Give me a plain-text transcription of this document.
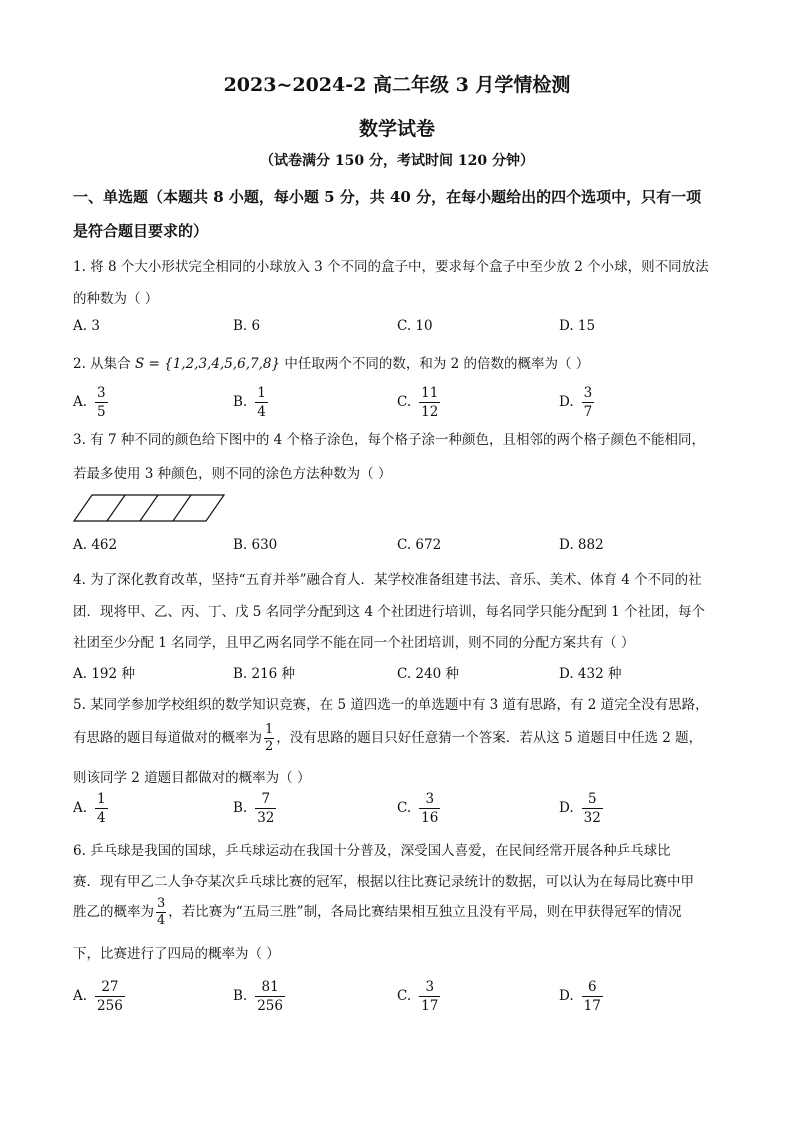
2023~2024-2 高二年级 3 月学情检测
数学试卷
（试卷满分 150 分，考试时间 120 分钟）
一、单选题（本题共 8 小题，每小题 5 分，共 40 分，在每小题给出的四个选项中，只有一项
是符合题目要求的）
1. 将 8 个大小形状完全相同的小球放入 3 个不同的盒子中，要求每个盒子中至少放 2 个小球，则不同放法
的种数为（ ）
A. 3	B. 6	C. 10	D. 15
2. 从集合 S = {1,2,3,4,5,6,7,8} 中任取两个不同的数，和为 2 的倍数的概率为（ ）
A. $\frac{3}{5}$	B. $\frac{1}{4}$	C. $\frac{11}{12}$	D. $\frac{3}{7}$
3. 有 7 种不同的颜色给下图中的 4 个格子涂色，每个格子涂一种颜色，且相邻的两个格子颜色不能相同，
若最多使用 3 种颜色，则不同的涂色方法种数为（ ）
A. 462	B. 630	C. 672	D. 882
4. 为了深化教育改革，坚持“五育并举”融合育人．某学校准备组建书法、音乐、美术、体育 4 个不同的社
团．现将甲、乙、丙、丁、戊 5 名同学分配到这 4 个社团进行培训，每名同学只能分配到 1 个社团，每个
社团至少分配 1 名同学，且甲乙两名同学不能在同一个社团培训，则不同的分配方案共有（ ）
A. 192 种	B. 216 种	C. 240 种	D. 432 种
5. 某同学参加学校组织的数学知识竞赛，在 5 道四选一的单选题中有 3 道有思路，有 2 道完全没有思路，
有思路的题目每道做对的概率为 $\frac{1}{2}$ ，没有思路的题目只好任意猜一个答案．若从这 5 道题目中任选 2 题，
则该同学 2 道题目都做对的概率为（ ）
A. $\frac{1}{4}$	B. $\frac{7}{32}$	C. $\frac{3}{16}$	D. $\frac{5}{32}$
6. 乒乓球是我国的国球，乒乓球运动在我国十分普及，深受国人喜爱，在民间经常开展各种乒乓球比
赛．现有甲乙二人争夺某次乒乓球比赛的冠军，根据以往比赛记录统计的数据，可以认为在每局比赛中甲
胜乙的概率为 $\frac{3}{4}$ ，若比赛为“五局三胜”制，各局比赛结果相互独立且没有平局，则在甲获得冠军的情况
下，比赛进行了四局的概率为（ ）
A. $\frac{27}{256}$	B. $\frac{81}{256}$	C. $\frac{3}{17}$	D. $\frac{6}{17}$
